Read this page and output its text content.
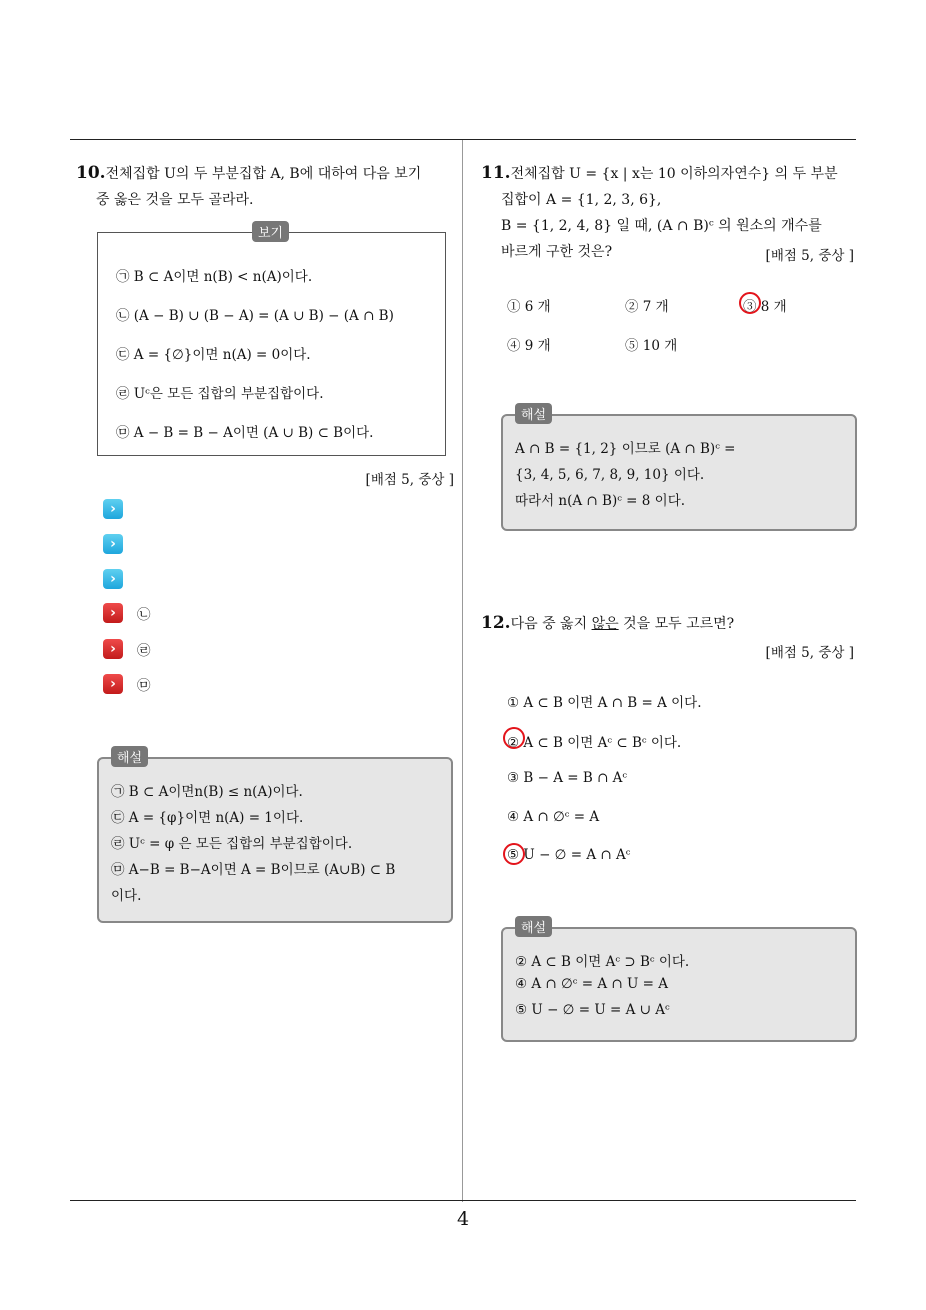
10.전체집합 U의 두 부분집합 A, B에 대하여 다음 보기
중 옳은 것을 모두 골라라.
보기
㉠ B ⊂ A이면 n(B) < n(A)이다.
㉡ (A − B) ∪ (B − A) = (A ∪ B) − (A ∩ B)
㉢ A = {∅}이면 n(A) = 0이다.
㉣ Uᶜ은 모든 집합의 부분집합이다.
㉤ A − B = B − A이면 (A ∪ B) ⊂ B이다.
[배점 5, 중상 ]
›
›
›
›	㉡
›	㉣
›	㉤
해설
㉠ B ⊂ A이면n(B) ≤ n(A)이다.
㉢ A = {φ}이면 n(A) = 1이다.
㉣ Uᶜ = φ 은 모든 집합의 부분집합이다.
㉤ A−B = B−A이면 A = B이므로 (A∪B) ⊂ B
이다.
11.전체집합 U = {x | x는 10 이하의자연수} 의 두 부분
집합이 A = {1, 2, 3, 6},
B = {1, 2, 4, 8} 일 때, (A ∩ B)ᶜ 의 원소의 개수를
바르게 구한 것은?	[배점 5, 중상 ]
① 6 개	② 7 개	③ 8 개
④ 9 개	⑤ 10 개
해설
A ∩ B = {1, 2} 이므로 (A ∩ B)ᶜ =
{3, 4, 5, 6, 7, 8, 9, 10} 이다.
따라서 n(A ∩ B)ᶜ = 8 이다.
12.다음 중 옳지 않은 것을 모두 고르면?
[배점 5, 중상 ]
① A ⊂ B 이면 A ∩ B = A 이다.
② A ⊂ B 이면 Aᶜ ⊂ Bᶜ 이다.
③ B − A = B ∩ Aᶜ
④ A ∩ ∅ᶜ = A
⑤ U − ∅ = A ∩ Aᶜ
해설
② A ⊂ B 이면 Aᶜ ⊃ Bᶜ 이다.
④ A ∩ ∅ᶜ = A ∩ U = A
⑤ U − ∅ = U = A ∪ Aᶜ
4
